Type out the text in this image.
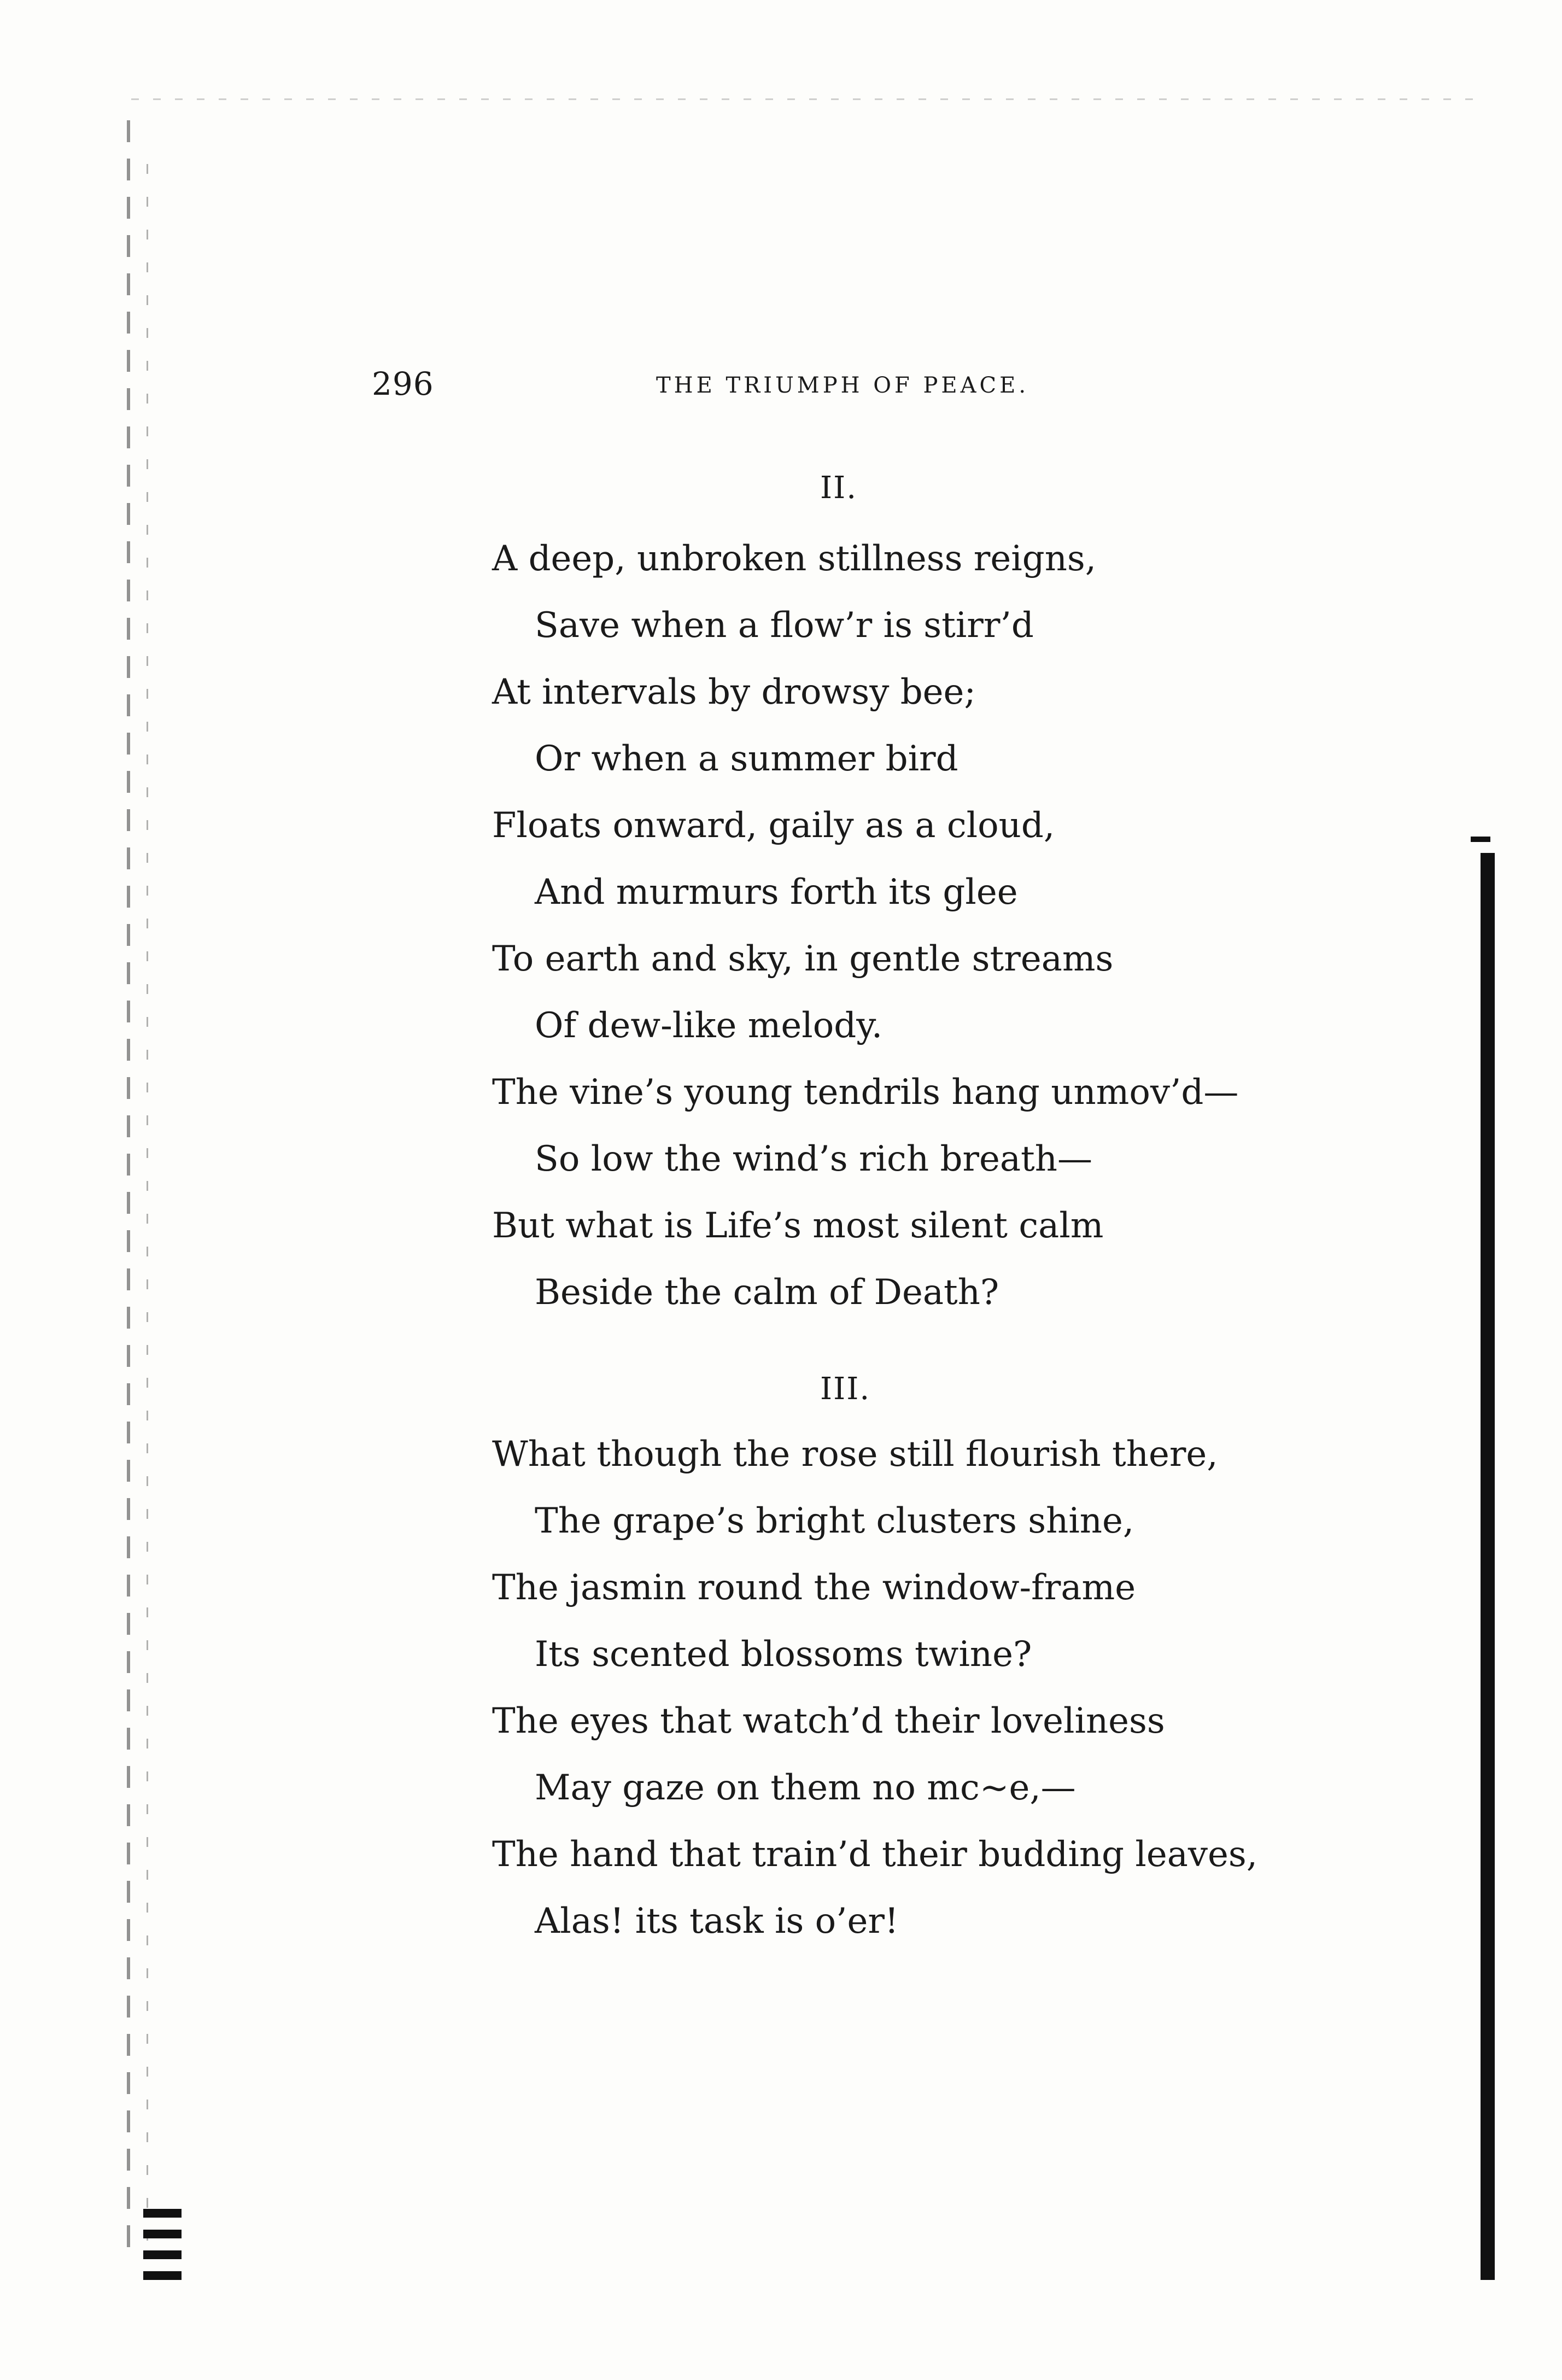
296	THE TRIUMPH OF PEACE.
II.
A deep, unbroken stillness reigns,
Save when a flow’r is stirr’d
At intervals by drowsy bee;
Or when a summer bird
Floats onward, gaily as a cloud,
And murmurs forth its glee
To earth and sky, in gentle streams
Of dew-like melody.
The vine’s young tendrils hang unmov’d—
So low the wind’s rich breath—
But what is Life’s most silent calm
Beside the calm of Death?
III.
What though the rose still flourish there,
The grape’s bright clusters shine,
The jasmin round the window-frame
Its scented blossoms twine?
The eyes that watch’d their loveliness
May gaze on them no mc~e,—
The hand that train’d their budding leaves,
Alas! its task is o’er!
